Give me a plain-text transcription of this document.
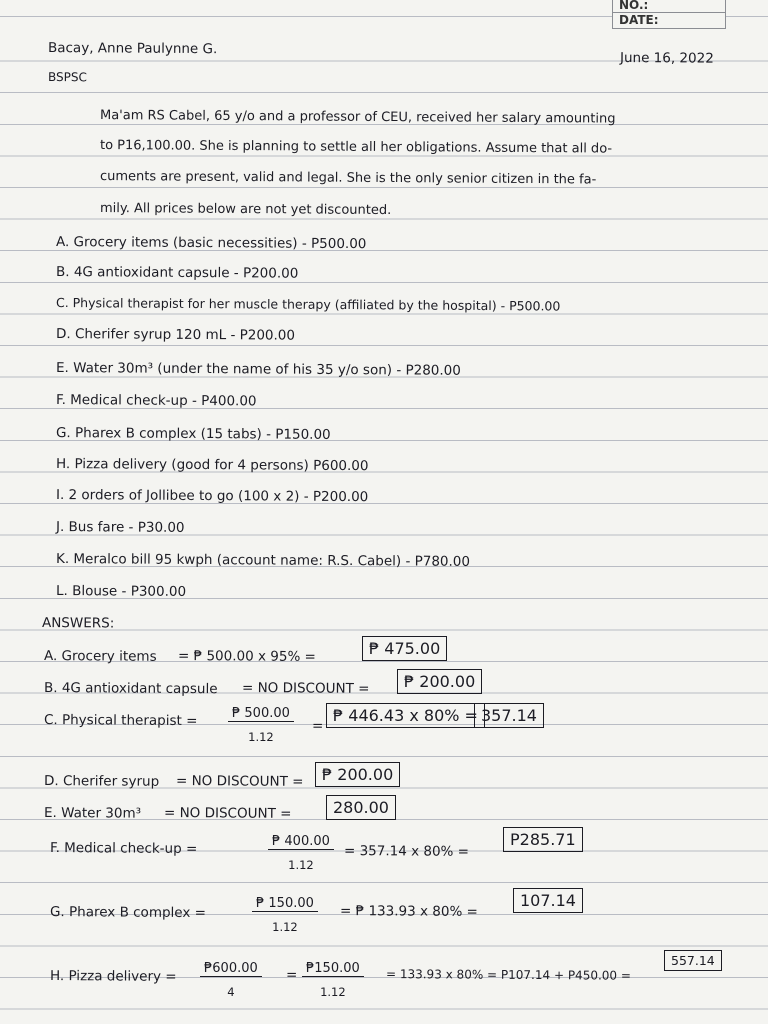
NO.:
DATE:
Bacay, Anne Paulynne G.
June 16, 2022
BSPSC
Ma'am RS Cabel, 65 y/o and a professor of CEU, received her salary amounting
to P16,100.00. She is planning to settle all her obligations. Assume that all do-
cuments are present, valid and legal. She is the only senior citizen in the fa-
mily. All prices below are not yet discounted.
A. Grocery items (basic necessities) - P500.00
B. 4G antioxidant capsule - P200.00
C. Physical therapist for her muscle therapy (affiliated by the hospital) - P500.00
D. Cherifer syrup 120 mL - P200.00
E. Water 30m³ (under the name of his 35 y/o son) - P280.00
F. Medical check-up - P400.00
G. Pharex B complex (15 tabs) - P150.00
H. Pizza delivery (good for 4 persons) P600.00
I. 2 orders of Jollibee to go (100 x 2) - P200.00
J. Bus fare - P30.00
K. Meralco bill 95 kwph (account name: R.S. Cabel) - P780.00
L. Blouse - P300.00
ANSWERS:
A. Grocery items = ₱ 500.00 x 95% =	₱ 475.00
B. 4G antioxidant capsule = NO DISCOUNT =	₱ 200.00
C. Physical therapist = $\frac{₱ 500.00}{1.12}$ =
₱ 446.43 x 80% = 357.14
D. Cherifer syrup = NO DISCOUNT =	₱ 200.00
E. Water 30m³ = NO DISCOUNT =	280.00
F. Medical check-up =	$\frac{₱ 400.00}{1.12} = 357.14$ x 80% =
P285.71
G. Pharex B complex =	$\frac{₱ 150.00}{1.12}$ = ₱ 133.93 x 80% =
107.14
H. Pizza delivery = $\frac{₱600.00}{4} = \frac{₱150.00}{1.12} = 133.93$ x 80% = P107.14 + P450.00 =
557.14
